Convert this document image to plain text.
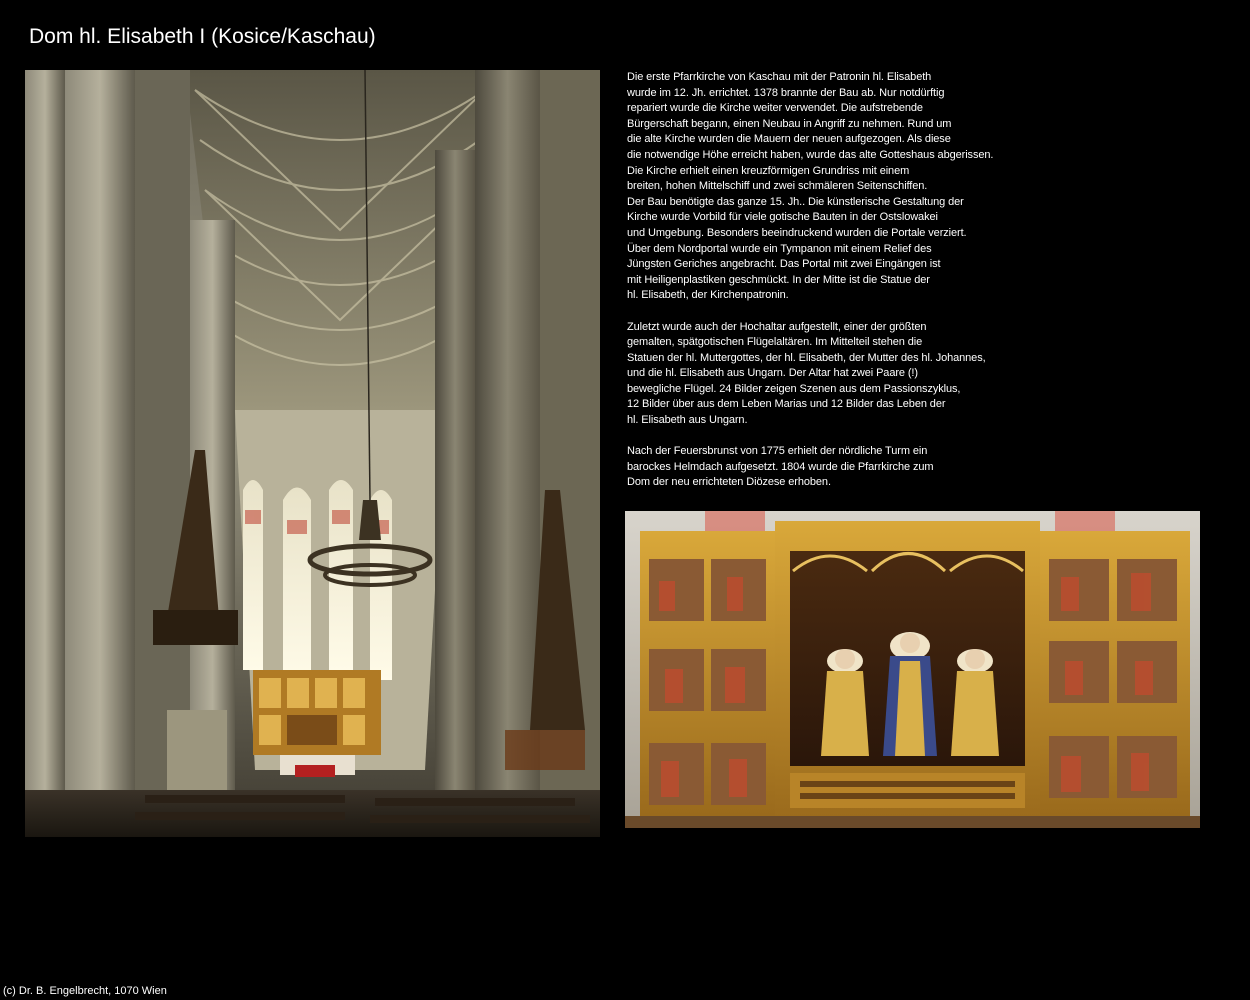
Dom hl. Elisabeth I (Kosice/Kaschau)
Die erste Pfarrkirche von Kaschau mit der Patronin hl. Elisabeth
wurde im 12. Jh. errichtet. 1378 brannte der Bau ab. Nur notdürftig
repariert wurde die Kirche weiter verwendet. Die aufstrebende
Bürgerschaft begann, einen Neubau in Angriff zu nehmen. Rund um
die alte Kirche wurden die Mauern der neuen aufgezogen. Als diese
die notwendige Höhe erreicht haben, wurde das alte Gotteshaus abgerissen.
Die Kirche erhielt einen kreuzförmigen Grundriss mit einem
breiten, hohen Mittelschiff und zwei schmäleren Seitenschiffen.
Der Bau benötigte das ganze 15. Jh.. Die künstlerische Gestaltung der
Kirche wurde Vorbild für viele gotische Bauten in der Ostslowakei
und Umgebung. Besonders beeindruckend wurden die Portale verziert.
Über dem Nordportal wurde ein Tympanon mit einem Relief des
Jüngsten Geriches angebracht. Das Portal mit zwei Eingängen ist
mit Heiligenplastiken geschmückt. In der Mitte ist die Statue der
hl. Elisabeth, der Kirchenpatronin.
Zuletzt wurde auch der Hochaltar aufgestellt, einer der größten
gemalten, spätgotischen Flügelaltären. Im Mittelteil stehen die
Statuen der hl. Muttergottes, der hl. Elisabeth, der Mutter des hl. Johannes,
und die hl. Elisabeth aus Ungarn. Der Altar hat zwei Paare (!)
bewegliche Flügel. 24 Bilder zeigen Szenen aus dem Passionszyklus,
12 Bilder über aus dem Leben Marias und 12 Bilder das Leben der
hl. Elisabeth aus Ungarn.
Nach der Feuersbrunst von 1775 erhielt der nördliche Turm ein
barockes Helmdach aufgesetzt. 1804 wurde die Pfarrkirche zum
Dom der neu errichteten Diözese erhoben.
(c) Dr. B. Engelbrecht, 1070 Wien
